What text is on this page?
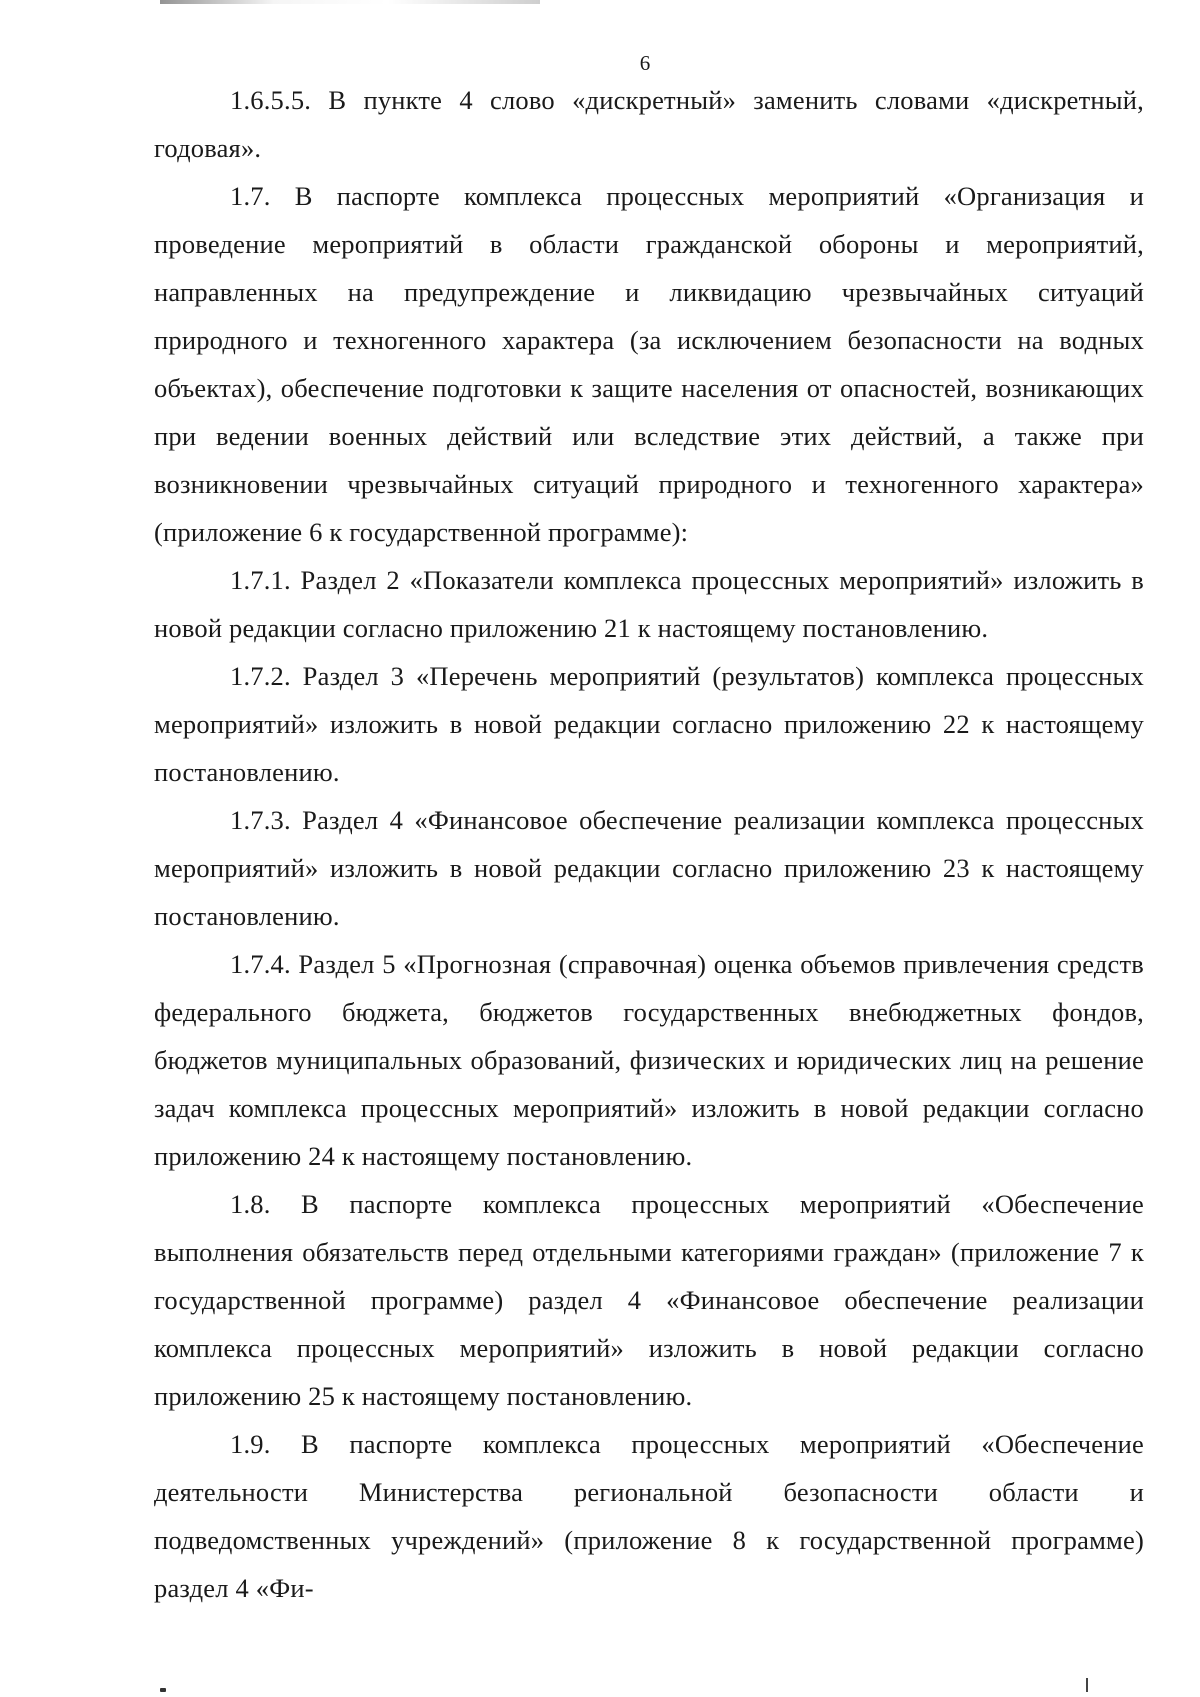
6

1.6.5.5. В пункте 4 слово «дискретный» заменить словами «дискретный, годовая».

1.7. В паспорте комплекса процессных мероприятий «Организация и проведение мероприятий в области гражданской обороны и мероприятий, направленных на предупреждение и ликвидацию чрезвычайных ситуаций природного и техногенного характера (за исключением безопасности на водных объектах), обеспечение подготовки к защите населения от опасностей, возникающих при ведении военных действий или вследствие этих действий, а также при возникновении чрезвычайных ситуаций природного и техногенного характера» (приложение 6 к государственной программе):

1.7.1. Раздел 2 «Показатели комплекса процессных мероприятий» изложить в новой редакции согласно приложению 21 к настоящему постановлению.

1.7.2. Раздел 3 «Перечень мероприятий (результатов) комплекса процессных мероприятий» изложить в новой редакции согласно приложению 22 к настоящему постановлению.

1.7.3. Раздел 4 «Финансовое обеспечение реализации комплекса процессных мероприятий» изложить в новой редакции согласно приложению 23 к настоящему постановлению.

1.7.4. Раздел 5 «Прогнозная (справочная) оценка объемов привлечения средств федерального бюджета, бюджетов государственных внебюджетных фондов, бюджетов муниципальных образований, физических и юридических лиц на решение задач комплекса процессных мероприятий» изложить в новой редакции согласно приложению 24 к настоящему постановлению.

1.8. В паспорте комплекса процессных мероприятий «Обеспечение выполнения обязательств перед отдельными категориями граждан» (приложение 7 к государственной программе) раздел 4 «Финансовое обеспечение реализации комплекса процессных мероприятий» изложить в новой редакции согласно приложению 25 к настоящему постановлению.

1.9. В паспорте комплекса процессных мероприятий «Обеспечение деятельности Министерства региональной безопасности области и подведомственных учреждений» (приложение 8 к государственной программе) раздел 4 «Фи-
